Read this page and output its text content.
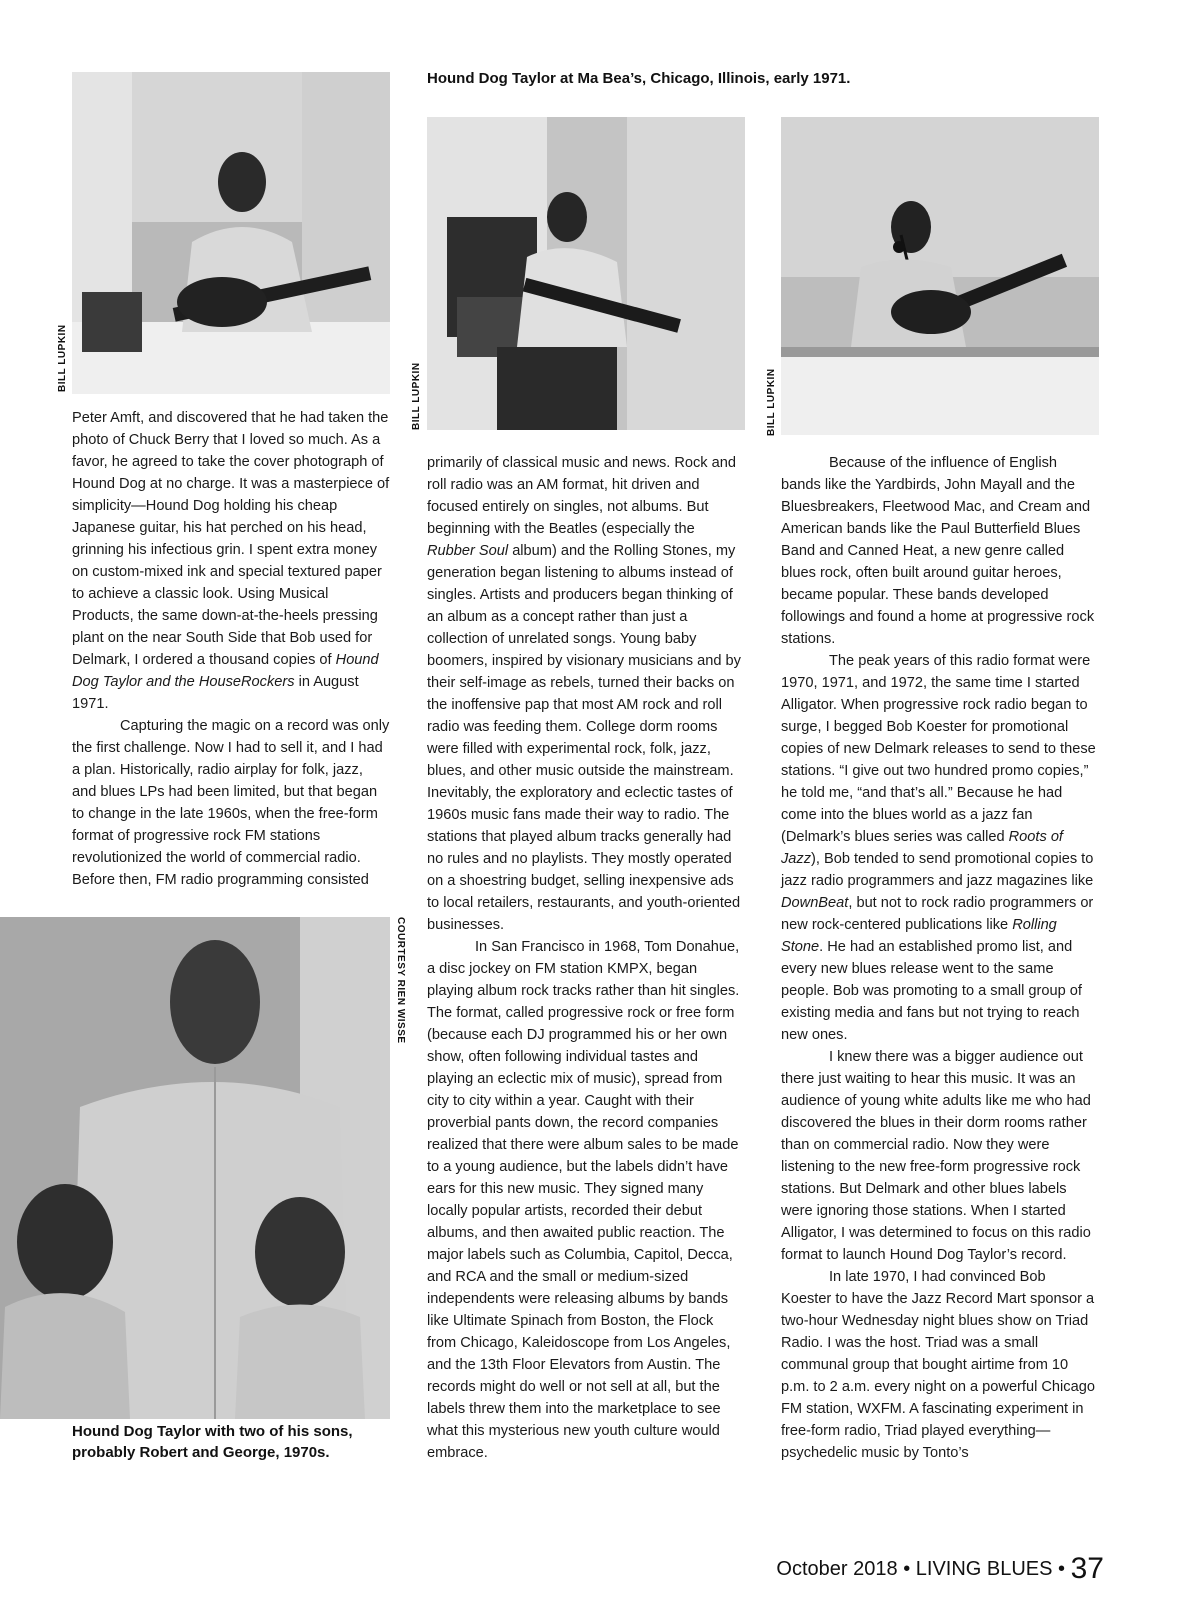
BILL LUPKIN
Hound Dog Taylor at Ma Bea’s, Chicago, Illinois, early 1971.
BILL LUPKIN	BILL LUPKIN
COURTESY RIEN WISSE
Hound Dog Taylor with two of his sons,
probably Robert and George, 1970s.

Peter Amft, and discovered that he had taken the photo of Chuck Berry that I loved so much. As a favor, he agreed to take the cover photograph of Hound Dog at no charge. It was a masterpiece of simplicity—Hound Dog holding his cheap Japanese guitar, his hat perched on his head, grinning his infectious grin. I spent extra money on custom-mixed ink and special textured paper to achieve a classic look. Using Musical Products, the same down-at-the-heels pressing plant on the near South Side that Bob used for Delmark, I ordered a thousand copies of Hound Dog Taylor and the HouseRockers in August 1971.

Capturing the magic on a record was only the first challenge. Now I had to sell it, and I had a plan. Historically, radio airplay for folk, jazz, and blues LPs had been limited, but that began to change in the late 1960s, when the free-form format of progressive rock FM stations revolutionized the world of commercial radio. Before then, FM radio programming consisted

primarily of classical music and news. Rock and roll radio was an AM format, hit driven and focused entirely on singles, not albums. But beginning with the Beatles (especially the Rubber Soul album) and the Rolling Stones, my generation began listening to albums instead of singles. Artists and producers began thinking of an album as a concept rather than just a collection of unrelated songs. Young baby boomers, inspired by visionary musicians and by their self-image as rebels, turned their backs on the inoffensive pap that most AM rock and roll radio was feeding them. College dorm rooms were filled with experimental rock, folk, jazz, blues, and other music outside the mainstream. Inevitably, the exploratory and eclectic tastes of 1960s music fans made their way to radio. The stations that played album tracks generally had no rules and no playlists. They mostly operated on a shoestring budget, selling inexpensive ads to local retailers, restaurants, and youth-oriented businesses.

In San Francisco in 1968, Tom Donahue, a disc jockey on FM station KMPX, began playing album rock tracks rather than hit singles. The format, called progressive rock or free form (because each DJ programmed his or her own show, often following individual tastes and playing an eclectic mix of music), spread from city to city within a year. Caught with their proverbial pants down, the record companies realized that there were album sales to be made to a young audience, but the labels didn’t have ears for this new music. They signed many locally popular artists, recorded their debut albums, and then awaited public reaction. The major labels such as Columbia, Capitol, Decca, and RCA and the small or medium-sized independents were releasing albums by bands like Ultimate Spinach from Boston, the Flock from Chicago, Kaleidoscope from Los Angeles, and the 13th Floor Elevators from Austin. The records might do well or not sell at all, but the labels threw them into the marketplace to see what this mysterious new youth culture would embrace.

Because of the influence of English bands like the Yardbirds, John Mayall and the Bluesbreakers, Fleetwood Mac, and Cream and American bands like the Paul Butterfield Blues Band and Canned Heat, a new genre called blues rock, often built around guitar heroes, became popular. These bands developed followings and found a home at progressive rock stations.

The peak years of this radio format were 1970, 1971, and 1972, the same time I started Alligator. When progressive rock radio began to surge, I begged Bob Koester for promotional copies of new Delmark releases to send to these stations. “I give out two hundred promo copies,” he told me, “and that’s all.” Because he had come into the blues world as a jazz fan (Delmark’s blues series was called Roots of Jazz), Bob tended to send promotional copies to jazz radio programmers and jazz magazines like DownBeat, but not to rock radio programmers or new rock-centered publications like Rolling Stone. He had an established promo list, and every new blues release went to the same people. Bob was promoting to a small group of existing media and fans but not trying to reach new ones.

I knew there was a bigger audience out there just waiting to hear this music. It was an audience of young white adults like me who had discovered the blues in their dorm rooms rather than on commercial radio. Now they were listening to the new free-form progressive rock stations. But Delmark and other blues labels were ignoring those stations. When I started Alligator, I was determined to focus on this radio format to launch Hound Dog Taylor’s record.

In late 1970, I had convinced Bob Koester to have the Jazz Record Mart sponsor a two-hour Wednesday night blues show on Triad Radio. I was the host. Triad was a small communal group that bought airtime from 10 p.m. to 2 a.m. every night on a powerful Chicago FM station, WXFM. A fascinating experiment in free-form radio, Triad played everything—psychedelic music by Tonto’s

October 2018 • LIVING BLUES • 37
